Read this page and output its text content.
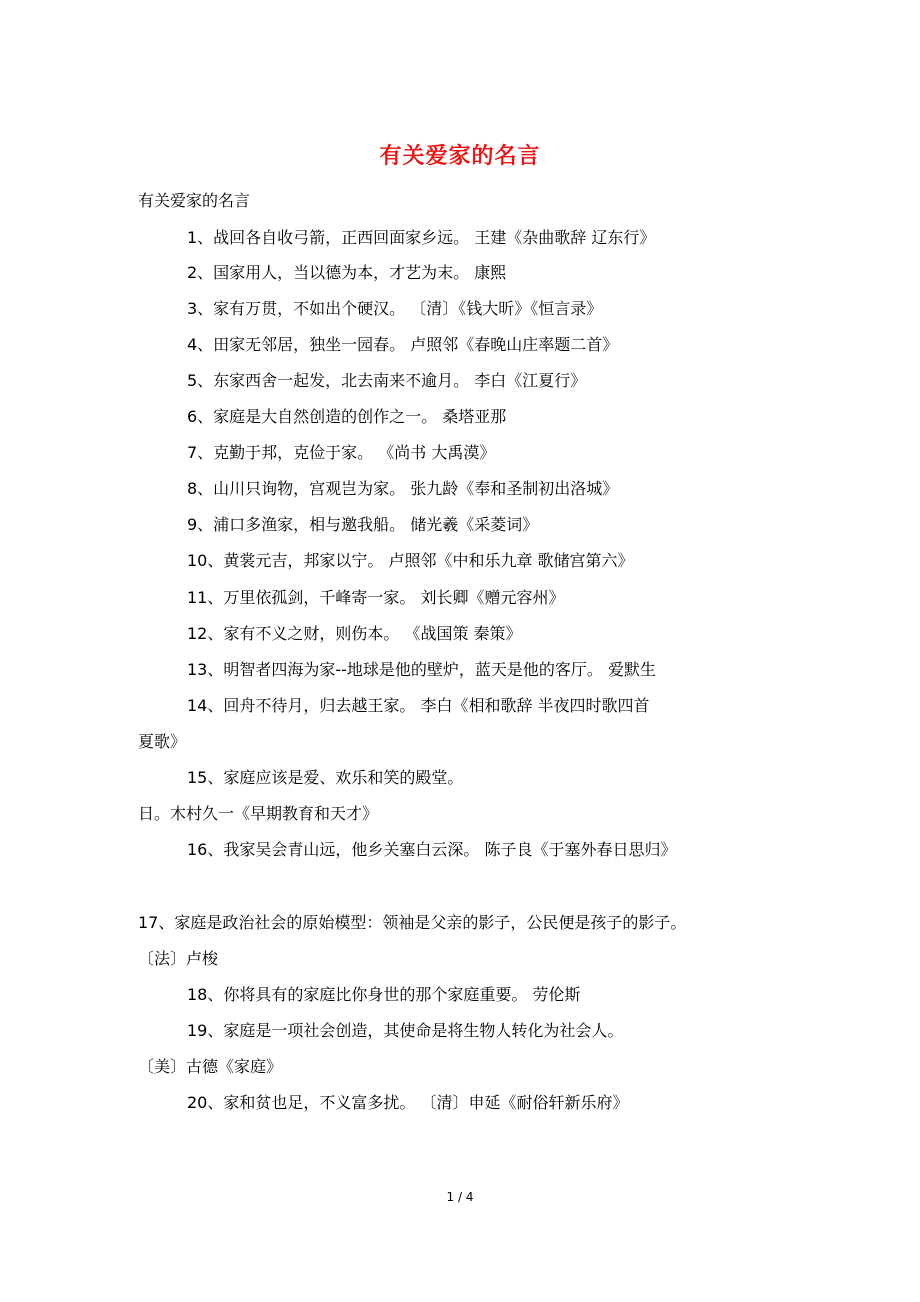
有关爱家的名言
有关爱家的名言
1、战回各自收弓箭，正西回面家乡远。 王建《杂曲歌辞 辽东行》
2、国家用人，当以德为本，才艺为末。 康熙
3、家有万贯，不如出个硬汉。 〔清〕《钱大昕》《恒言录》
4、田家无邻居，独坐一园春。 卢照邻《春晚山庄率题二首》
5、东家西舍一起发，北去南来不逾月。 李白《江夏行》
6、家庭是大自然创造的创作之一。 桑塔亚那
7、克勤于邦，克俭于家。 《尚书 大禹漠》
8、山川只询物，宫观岂为家。 张九龄《奉和圣制初出洛城》
9、浦口多渔家，相与邀我船。 储光羲《采菱词》
10、黄裳元吉，邦家以宁。 卢照邻《中和乐九章 歌储宫第六》
11、万里依孤剑，千峰寄一家。 刘长卿《赠元容州》
12、家有不义之财，则伤本。 《战国策 秦策》
13、明智者四海为家--地球是他的壁炉，蓝天是他的客厅。 爱默生
14、回舟不待月，归去越王家。 李白《相和歌辞 半夜四时歌四首
夏歌》
15、家庭应该是爱、欢乐和笑的殿堂。
日。木村久一《早期教育和天才》
16、我家吴会青山远，他乡关塞白云深。 陈子良《于塞外春日思归》
17、家庭是政治社会的原始模型：领袖是父亲的影子，公民便是孩子的影子。
〔法〕卢梭
18、你将具有的家庭比你身世的那个家庭重要。 劳伦斯
19、家庭是一项社会创造，其使命是将生物人转化为社会人。
〔美〕古德《家庭》
20、家和贫也足，不义富多扰。 〔清〕申延《耐俗轩新乐府》
1 / 4
